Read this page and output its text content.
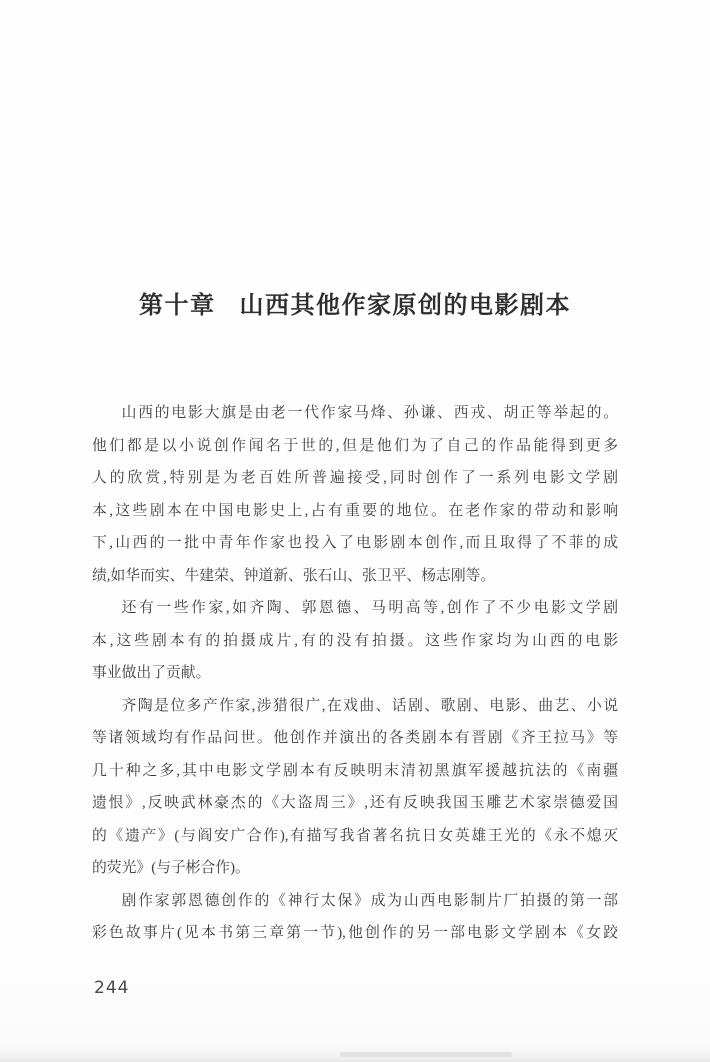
第十章 山西其他作家原创的电影剧本
山西的电影大旗是由老一代作家马烽、孙谦、西戎、胡正等举起的。
他们都是以小说创作闻名于世的,但是他们为了自己的作品能得到更多
人的欣赏,特别是为老百姓所普遍接受,同时创作了一系列电影文学剧
本,这些剧本在中国电影史上,占有重要的地位。在老作家的带动和影响
下,山西的一批中青年作家也投入了电影剧本创作,而且取得了不菲的成
绩,如华而实、牛建荣、钟道新、张石山、张卫平、杨志刚等。
还有一些作家,如齐陶、郭恩德、马明高等,创作了不少电影文学剧
本,这些剧本有的拍摄成片,有的没有拍摄。这些作家均为山西的电影
事业做出了贡献。
齐陶是位多产作家,涉猎很广,在戏曲、话剧、歌剧、电影、曲艺、小说
等诸领域均有作品问世。他创作并演出的各类剧本有晋剧《齐王拉马》等
几十种之多,其中电影文学剧本有反映明末清初黑旗军援越抗法的《南疆
遗恨》,反映武林豪杰的《大盗周三》,还有反映我国玉雕艺术家崇德爱国
的《遗产》(与阎安广合作),有描写我省著名抗日女英雄王光的《永不熄灭
的荧光》(与子彬合作)。
剧作家郭恩德创作的《神行太保》成为山西电影制片厂拍摄的第一部
彩色故事片(见本书第三章第一节),他创作的另一部电影文学剧本《女跤
244
